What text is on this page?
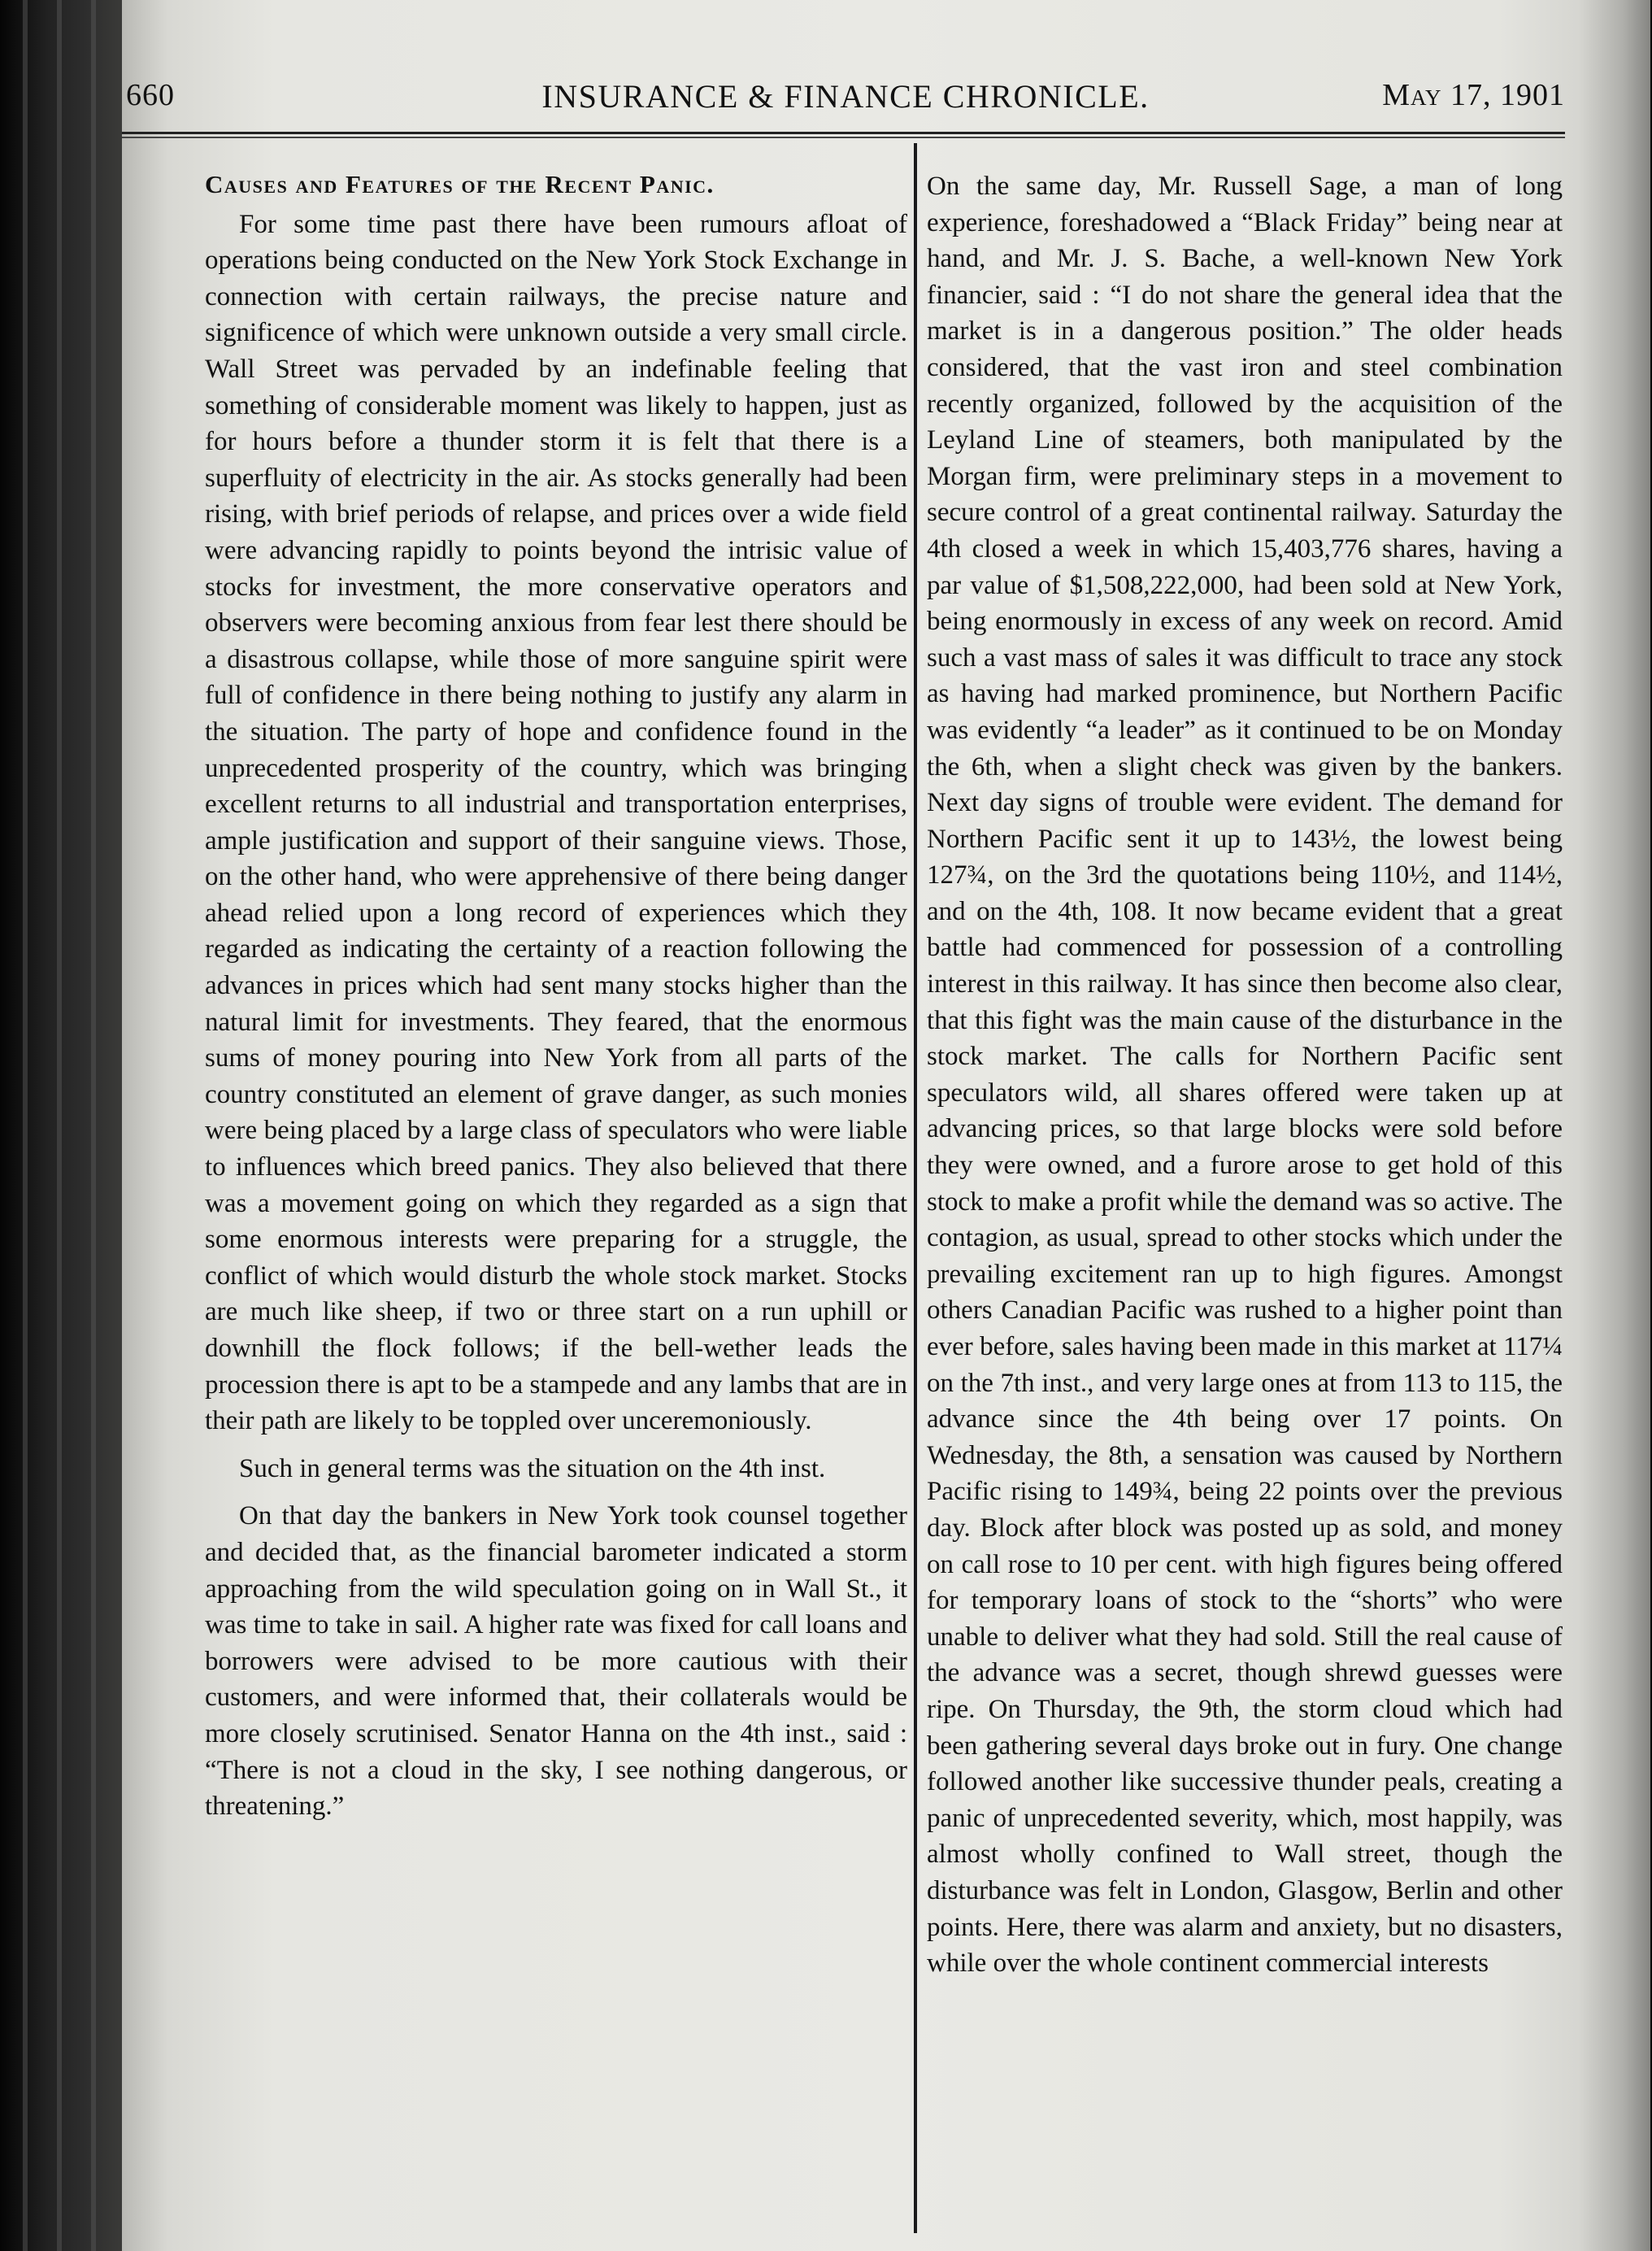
660	INSURANCE & FINANCE CHRONICLE.	May 17, 1901
Causes and Features of the Recent Panic.

For some time past there have been rumours afloat of operations being conducted on the New York Stock Exchange in connection with certain railways, the precise nature and significence of which were unknown outside a very small circle. Wall Street was pervaded by an indefinable feeling that something of considerable moment was likely to happen, just as for hours before a thunder storm it is felt that there is a superfluity of electricity in the air. As stocks generally had been rising, with brief periods of relapse, and prices over a wide field were advancing rapidly to points beyond the intrisic value of stocks for investment, the more conservative operators and observers were becoming anxious from fear lest there should be a disastrous collapse, while those of more sanguine spirit were full of confidence in there being nothing to justify any alarm in the situation. The party of hope and confidence found in the unprecedented prosperity of the country, which was bringing excellent returns to all industrial and transportation enterprises, ample justification and support of their sanguine views. Those, on the other hand, who were apprehensive of there being danger ahead relied upon a long record of experiences which they regarded as indicating the certainty of a reaction following the advances in prices which had sent many stocks higher than the natural limit for investments. They feared, that the enormous sums of money pouring into New York from all parts of the country constituted an element of grave danger, as such monies were being placed by a large class of speculators who were liable to influences which breed panics. They also believed that there was a movement going on which they regarded as a sign that some enormous interests were preparing for a struggle, the conflict of which would disturb the whole stock market. Stocks are much like sheep, if two or three start on a run uphill or downhill the flock follows; if the bell-wether leads the procession there is apt to be a stampede and any lambs that are in their path are likely to be toppled over unceremoniously.

Such in general terms was the situation on the 4th inst.

On that day the bankers in New York took counsel together and decided that, as the financial barometer indicated a storm approaching from the wild speculation going on in Wall St., it was time to take in sail. A higher rate was fixed for call loans and borrowers were advised to be more cautious with their customers, and were informed that, their collaterals would be more closely scrutinised. Senator Hanna on the 4th inst., said : “There is not a cloud in the sky, I see nothing dangerous, or threatening.”

On the same day, Mr. Russell Sage, a man of long experience, foreshadowed a “Black Friday” being near at hand, and Mr. J. S. Bache, a well-known New York financier, said : “I do not share the general idea that the market is in a dangerous position.” The older heads considered, that the vast iron and steel combination recently organized, followed by the acquisition of the Leyland Line of steamers, both manipulated by the Morgan firm, were preliminary steps in a movement to secure control of a great continental railway. Saturday the 4th closed a week in which 15,403,776 shares, having a par value of $1,508,222,000, had been sold at New York, being enormously in excess of any week on record. Amid such a vast mass of sales it was difficult to trace any stock as having had marked prominence, but Northern Pacific was evidently “a leader” as it continued to be on Monday the 6th, when a slight check was given by the bankers. Next day signs of trouble were evident. The demand for Northern Pacific sent it up to 143½, the lowest being 127¾, on the 3rd the quotations being 110½, and 114½, and on the 4th, 108. It now became evident that a great battle had commenced for possession of a controlling interest in this railway. It has since then become also clear, that this fight was the main cause of the disturbance in the stock market. The calls for Northern Pacific sent speculators wild, all shares offered were taken up at advancing prices, so that large blocks were sold before they were owned, and a furore arose to get hold of this stock to make a profit while the demand was so active. The contagion, as usual, spread to other stocks which under the prevailing excitement ran up to high figures. Amongst others Canadian Pacific was rushed to a higher point than ever before, sales having been made in this market at 117¼ on the 7th inst., and very large ones at from 113 to 115, the advance since the 4th being over 17 points. On Wednesday, the 8th, a sensation was caused by Northern Pacific rising to 149¾, being 22 points over the previous day. Block after block was posted up as sold, and money on call rose to 10 per cent. with high figures being offered for temporary loans of stock to the “shorts” who were unable to deliver what they had sold. Still the real cause of the advance was a secret, though shrewd guesses were ripe. On Thursday, the 9th, the storm cloud which had been gathering several days broke out in fury. One change followed another like successive thunder peals, creating a panic of unprecedented severity, which, most happily, was almost wholly confined to Wall street, though the disturbance was felt in London, Glasgow, Berlin and other points. Here, there was alarm and anxiety, but no disasters, while over the whole continent commercial interests
